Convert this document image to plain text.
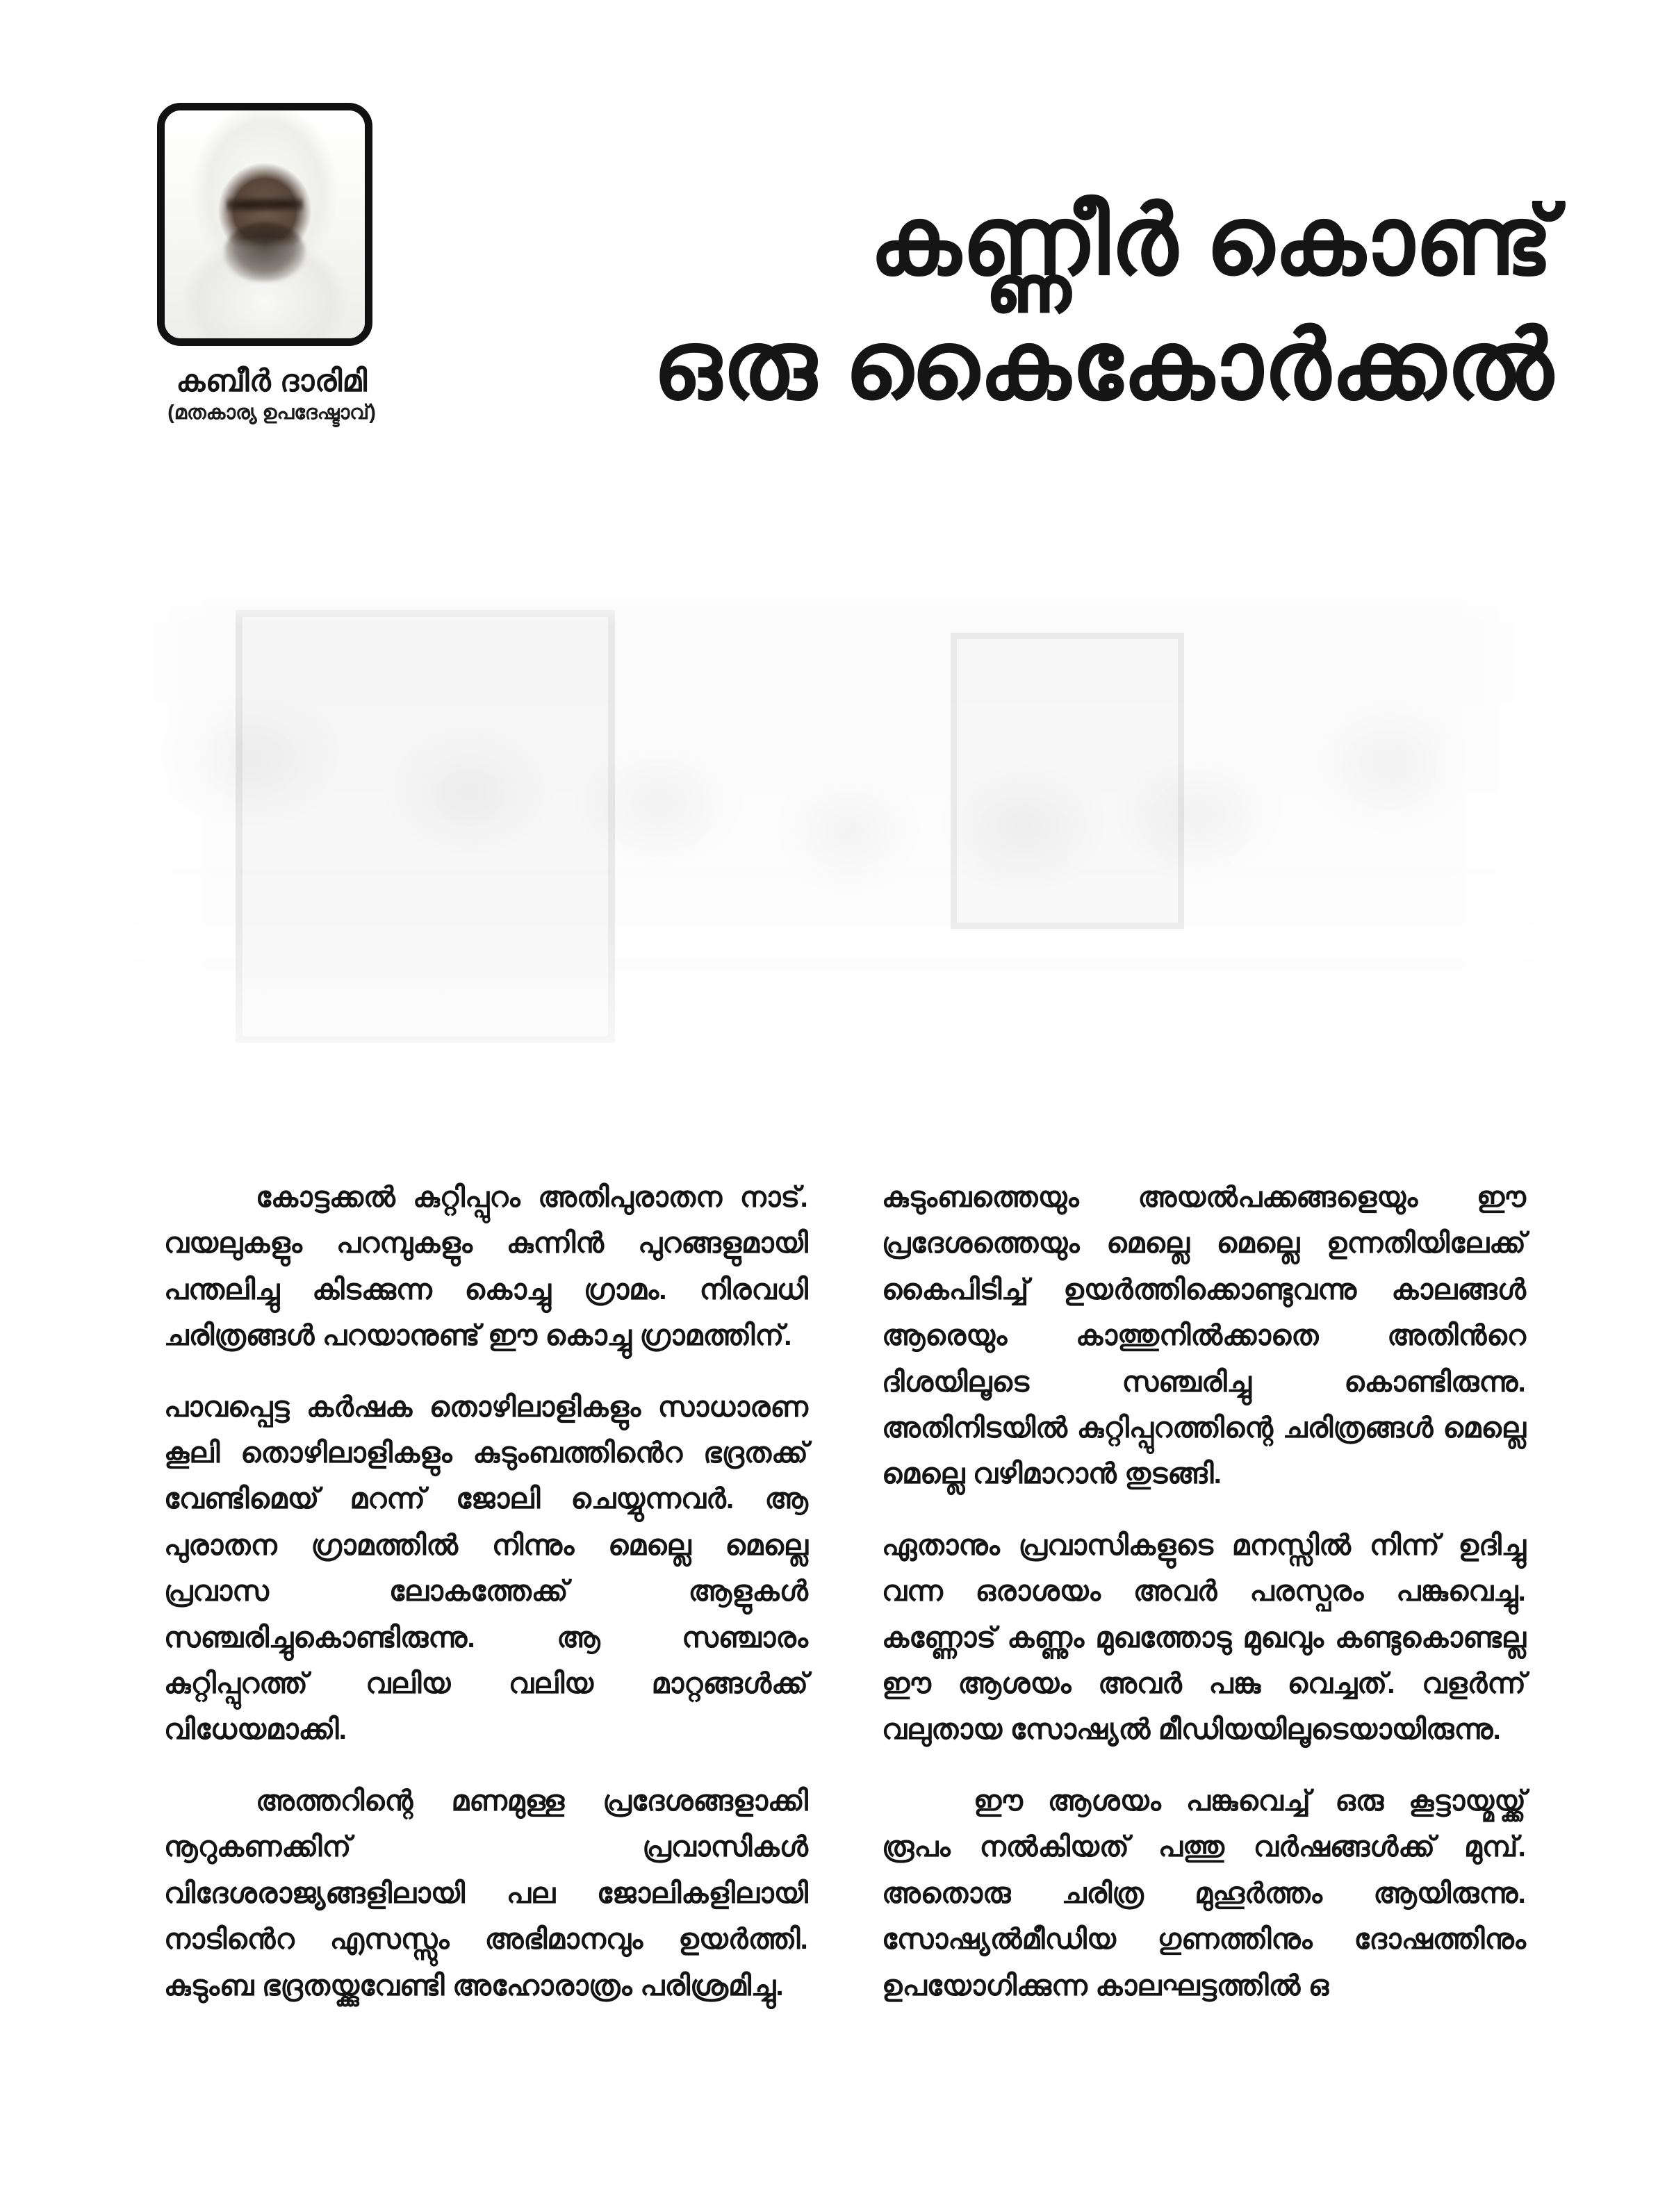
കബീർ ദാരിമി
(മതകാര്യ ഉപദേഷ്ടാവ്)
കണ്ണീർ കൊണ്ട്
ഒരു കൈകോർക്കൽ

കോട്ടക്കൽ കുറ്റിപ്പുറം അതിപുരാതന നാട്. വയലുകളും പറമ്പുകളും കുന്നിൻ പുറങ്ങളുമായി പന്തലിച്ചു കിടക്കുന്ന കൊച്ചു ഗ്രാമം. നിരവധി ചരിത്രങ്ങൾ പറയാനുണ്ട് ഈ കൊച്ചു ഗ്രാമത്തിന്.

പാവപ്പെട്ട കർഷക തൊഴിലാളികളും സാധാരണ കൂലി തൊഴിലാളികളും കുടുംബത്തിൻെറ ഭദ്രതക്ക് വേണ്ടിമെയ് മറന്ന് ജോലി ചെയ്യുന്നവർ. ആ പുരാതന ഗ്രാമത്തിൽ നിന്നും മെല്ലെ മെല്ലെ പ്രവാസ ലോകത്തേക്ക് ആളുകൾ സഞ്ചരിച്ചുകൊണ്ടിരുന്നു. ആ സഞ്ചാരം കുറ്റിപ്പുറത്ത് വലിയ വലിയ മാറ്റങ്ങൾക്ക് വിധേയമാക്കി.

അത്തറിന്റെ മണമുള്ള പ്രദേശങ്ങളാക്കി നൂറുകണക്കിന് പ്രവാസികൾ വിദേശരാജ്യങ്ങളിലായി പല ജോലികളിലായി നാടിൻെറ എസസ്സും അഭിമാനവും ഉയർത്തി. കുടുംബ ഭദ്രതയ്ക്കുവേണ്ടി അഹോരാത്രം പരിശ്രമിച്ചു.

കുടുംബത്തെയും അയൽപക്കങ്ങളെയും ഈ പ്രദേശത്തെയും മെല്ലെ മെല്ലെ ഉന്നതിയിലേക്ക് കൈപിടിച്ച് ഉയർത്തിക്കൊണ്ടുവന്നു കാലങ്ങൾ ആരെയും കാത്തുനിൽക്കാതെ അതിൻറെ ദിശയിലൂടെ സഞ്ചരിച്ചു കൊണ്ടിരുന്നു. അതിനിടയിൽ കുറ്റിപ്പുറത്തിന്റെ ചരിത്രങ്ങൾ മെല്ലെ മെല്ലെ വഴിമാറാൻ തുടങ്ങി.

ഏതാനും പ്രവാസികളുടെ മനസ്സിൽ നിന്ന് ഉദിച്ചു വന്ന ഒരാശയം അവർ പരസ്പരം പങ്കുവെച്ചു. കണ്ണോട് കണ്ണും മുഖത്തോടു മുഖവും കണ്ടുകൊണ്ടല്ല ഈ ആശയം അവർ പങ്കു വെച്ചത്. വളർന്ന് വലുതായ സോഷ്യൽ മീഡിയയിലൂടെയായിരുന്നു.

ഈ ആശയം പങ്കുവെച്ച് ഒരു കൂട്ടായ്മയ്ക്ക് രൂപം നൽകിയത് പത്തു വർഷങ്ങൾക്ക് മുമ്പ്. അതൊരു ചരിത്ര മുഹൂർത്തം ആയിരുന്നു. സോഷ്യൽമീഡിയ ഗുണത്തിനും ദോഷത്തിനും ഉപയോഗിക്കുന്ന കാലഘട്ടത്തിൽ ഒ
